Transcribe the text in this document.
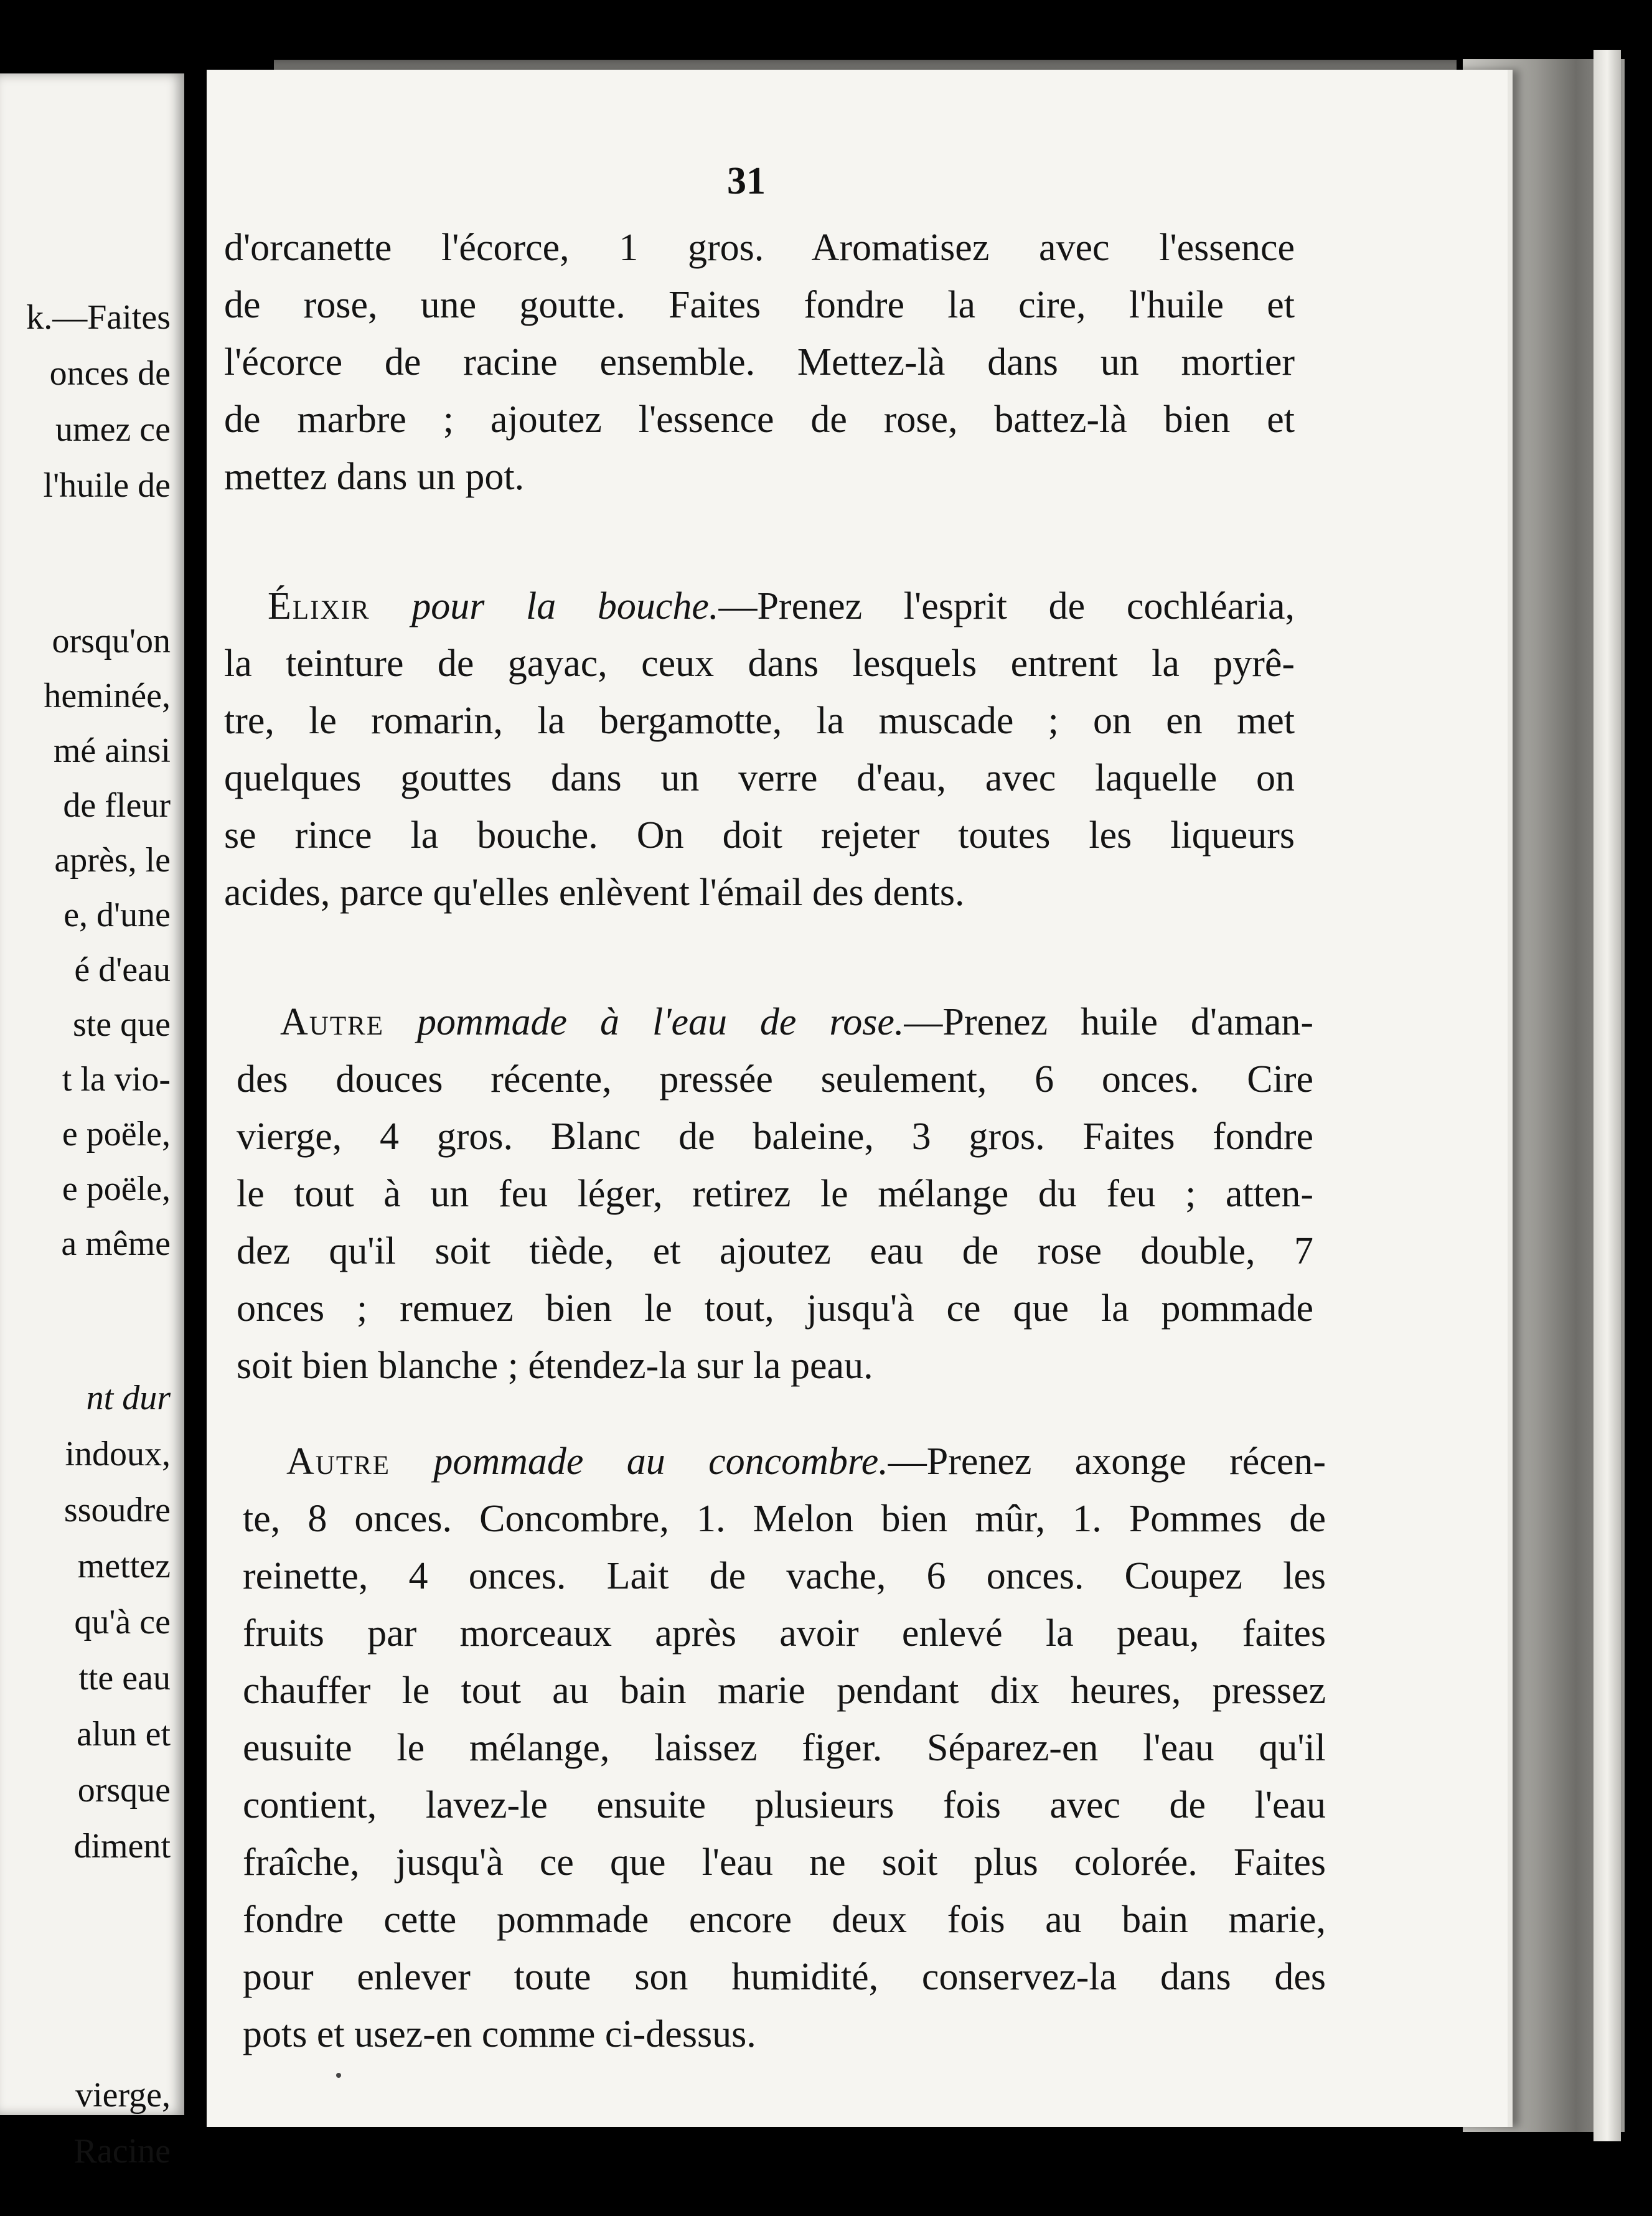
k.—Faites
onces de
umez ce
l'huile de
orsqu'on
heminée,
mé ainsi
de fleur
après, le
e, d'une
é d'eau
ste que
t la vio-
e poële,
e poële,
a même
nt dur
indoux,
ssoudre
mettez
qu'à ce
tte eau
alun et
orsque
diment
vierge,
Racine
31
d'orcanette l'écorce, 1 gros. Aromatisez avec l'essence
de rose, une goutte. Faites fondre la cire, l'huile et
l'écorce de racine ensemble. Mettez-là dans un mortier
de marbre ; ajoutez l'essence de rose, battez-là bien et
mettez dans un pot.
Élixir pour la bouche.—Prenez l'esprit de cochléaria,
la teinture de gayac, ceux dans lesquels entrent la pyrê-
tre, le romarin, la bergamotte, la muscade ; on en met
quelques gouttes dans un verre d'eau, avec laquelle on
se rince la bouche. On doit rejeter toutes les liqueurs
acides, parce qu'elles enlèvent l'émail des dents.
Autre pommade à l'eau de rose.—Prenez huile d'aman-
des douces récente, pressée seulement, 6 onces. Cire
vierge, 4 gros. Blanc de baleine, 3 gros. Faites fondre
le tout à un feu léger, retirez le mélange du feu ; atten-
dez qu'il soit tiède, et ajoutez eau de rose double, 7
onces ; remuez bien le tout, jusqu'à ce que la pommade
soit bien blanche ; étendez-la sur la peau.
Autre pommade au concombre.—Prenez axonge récen-
te, 8 onces. Concombre, 1. Melon bien mûr, 1. Pommes de
reinette, 4 onces. Lait de vache, 6 onces. Coupez les
fruits par morceaux après avoir enlevé la peau, faites
chauffer le tout au bain marie pendant dix heures, pressez
eusuite le mélange, laissez figer. Séparez-en l'eau qu'il
contient, lavez-le ensuite plusieurs fois avec de l'eau
fraîche, jusqu'à ce que l'eau ne soit plus colorée. Faites
fondre cette pommade encore deux fois au bain marie,
pour enlever toute son humidité, conservez-la dans des
pots et usez-en comme ci-dessus.
